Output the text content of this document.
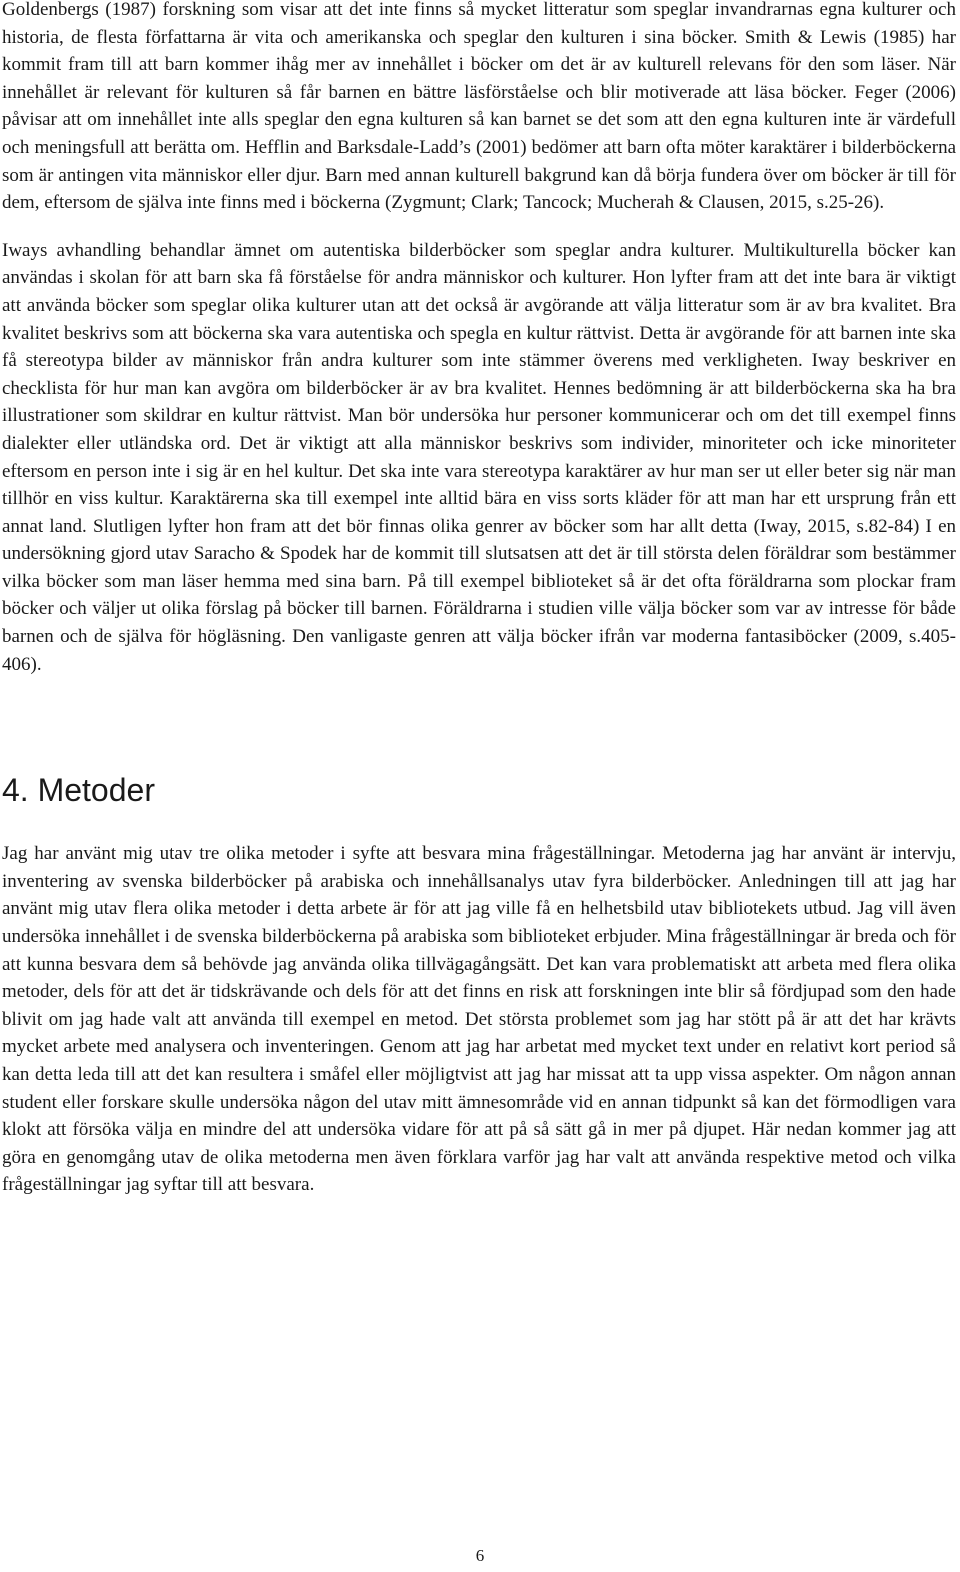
Goldenbergs (1987) forskning som visar att det inte finns så mycket litteratur som speglar invandrarnas egna kulturer och historia, de flesta författarna är vita och amerikanska och speglar den kulturen i sina böcker. Smith & Lewis (1985) har kommit fram till att barn kommer ihåg mer av innehållet i böcker om det är av kulturell relevans för den som läser. När innehållet är relevant för kulturen så får barnen en bättre läsförståelse och blir motiverade att läsa böcker. Feger (2006) påvisar att om innehållet inte alls speglar den egna kulturen så kan barnet se det som att den egna kulturen inte är värdefull och meningsfull att berätta om. Hefflin and Barksdale-Ladd’s (2001) bedömer att barn ofta möter karaktärer i bilderböckerna som är antingen vita människor eller djur. Barn med annan kulturell bakgrund kan då börja fundera över om böcker är till för dem, eftersom de själva inte finns med i böckerna (Zygmunt; Clark; Tancock; Mucherah & Clausen, 2015, s.25-26).

Iways avhandling behandlar ämnet om autentiska bilderböcker som speglar andra kulturer. Multikulturella böcker kan användas i skolan för att barn ska få förståelse för andra människor och kulturer. Hon lyfter fram att det inte bara är viktigt att använda böcker som speglar olika kulturer utan att det också är avgörande att välja litteratur som är av bra kvalitet. Bra kvalitet beskrivs som att böckerna ska vara autentiska och spegla en kultur rättvist. Detta är avgörande för att barnen inte ska få stereotypa bilder av människor från andra kulturer som inte stämmer överens med verkligheten. Iway beskriver en checklista för hur man kan avgöra om bilderböcker är av bra kvalitet. Hennes bedömning är att bilderböckerna ska ha bra illustrationer som skildrar en kultur rättvist. Man bör undersöka hur personer kommunicerar och om det till exempel finns dialekter eller utländska ord. Det är viktigt att alla människor beskrivs som individer, minoriteter och icke minoriteter eftersom en person inte i sig är en hel kultur. Det ska inte vara stereotypa karaktärer av hur man ser ut eller beter sig när man tillhör en viss kultur. Karaktärerna ska till exempel inte alltid bära en viss sorts kläder för att man har ett ursprung från ett annat land. Slutligen lyfter hon fram att det bör finnas olika genrer av böcker som har allt detta (Iway, 2015, s.82-84) I en undersökning gjord utav Saracho & Spodek har de kommit till slutsatsen att det är till största delen föräldrar som bestämmer vilka böcker som man läser hemma med sina barn. På till exempel biblioteket så är det ofta föräldrarna som plockar fram böcker och väljer ut olika förslag på böcker till barnen. Föräldrarna i studien ville välja böcker som var av intresse för både barnen och de själva för högläsning. Den vanligaste genren att välja böcker ifrån var moderna fantasiböcker (2009, s.405-406).

4. Metoder

Jag har använt mig utav tre olika metoder i syfte att besvara mina frågeställningar. Metoderna jag har använt är intervju, inventering av svenska bilderböcker på arabiska och innehållsanalys utav fyra bilderböcker. Anledningen till att jag har använt mig utav flera olika metoder i detta arbete är för att jag ville få en helhetsbild utav bibliotekets utbud. Jag vill även undersöka innehållet i de svenska bilderböckerna på arabiska som biblioteket erbjuder. Mina frågeställningar är breda och för att kunna besvara dem så behövde jag använda olika tillvägagångsätt. Det kan vara problematiskt att arbeta med flera olika metoder, dels för att det är tidskrävande och dels för att det finns en risk att forskningen inte blir så fördjupad som den hade blivit om jag hade valt att använda till exempel en metod. Det största problemet som jag har stött på är att det har krävts mycket arbete med analysera och inventeringen. Genom att jag har arbetat med mycket text under en relativt kort period så kan detta leda till att det kan resultera i småfel eller möjligtvist att jag har missat att ta upp vissa aspekter. Om någon annan student eller forskare skulle undersöka någon del utav mitt ämnesområde vid en annan tidpunkt så kan det förmodligen vara klokt att försöka välja en mindre del att undersöka vidare för att på så sätt gå in mer på djupet. Här nedan kommer jag att göra en genomgång utav de olika metoderna men även förklara varför jag har valt att använda respektive metod och vilka frågeställningar jag syftar till att besvara.

6
